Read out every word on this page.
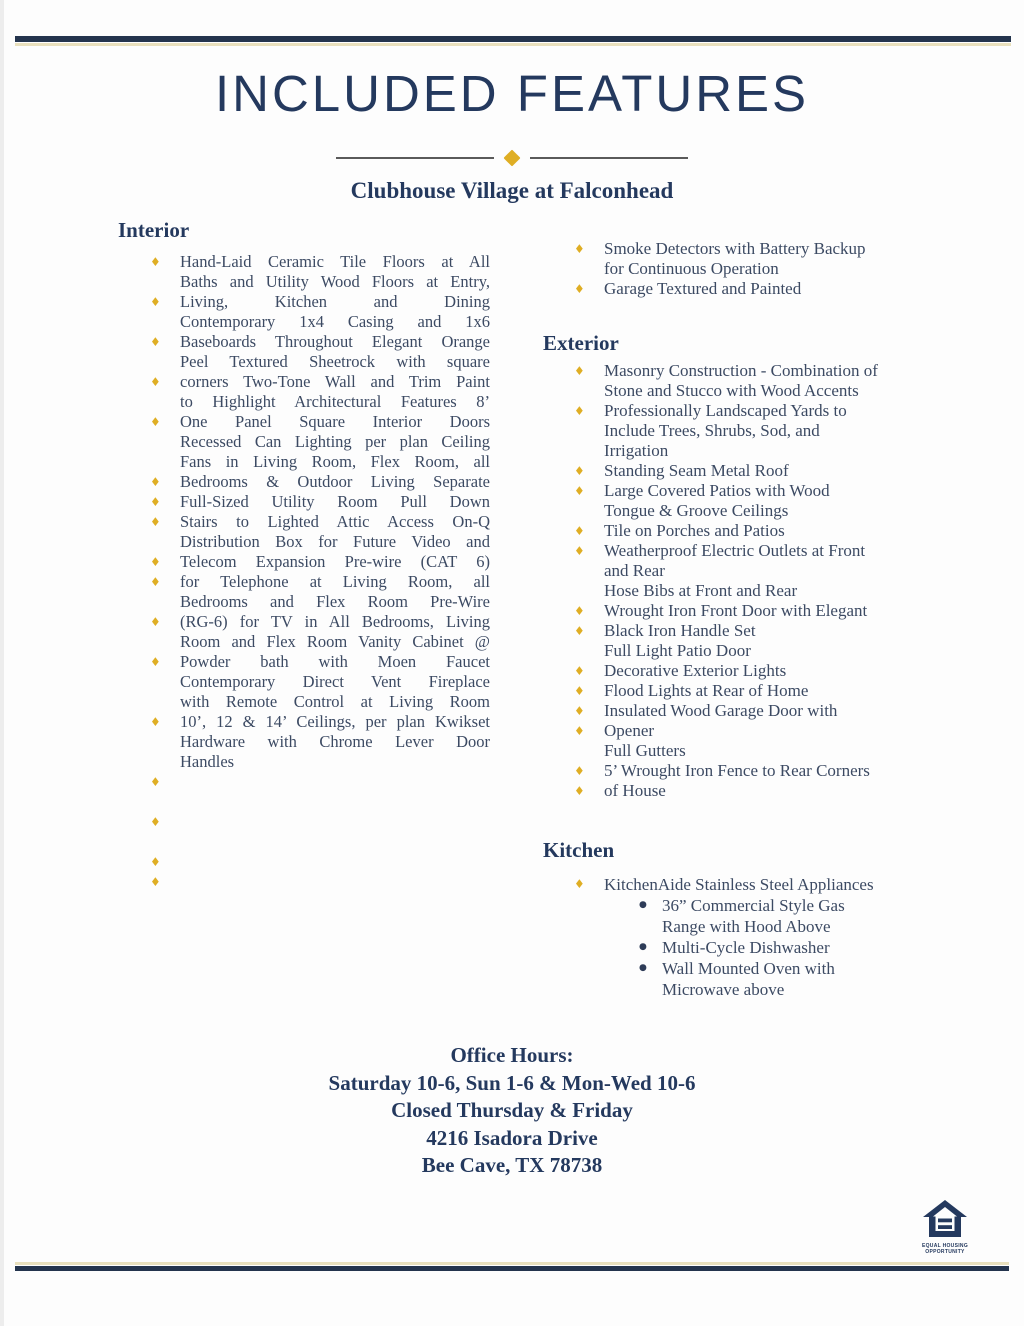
INCLUDED FEATURES
Clubhouse Village at Falconhead
Interior
♦	Hand-Laid Ceramic Tile Floors at All
Baths and Utility Wood Floors at Entry,
♦	Living, Kitchen and Dining
Contemporary 1x4 Casing and 1x6
♦	Baseboards Throughout Elegant Orange
Peel Textured Sheetrock with square
♦	corners Two-Tone Wall and Trim Paint
to Highlight Architectural Features 8’
♦	One Panel Square Interior Doors
Recessed Can Lighting per plan Ceiling
Fans in Living Room, Flex Room, all
♦	Bedrooms & Outdoor Living Separate
♦	Full-Sized Utility Room Pull Down
♦	Stairs to Lighted Attic Access On-Q
Distribution Box for Future Video and
♦	Telecom Expansion Pre-wire (CAT 6)
♦	for Telephone at Living Room, all
Bedrooms and Flex Room Pre-Wire
♦	(RG-6) for TV in All Bedrooms, Living
Room and Flex Room Vanity Cabinet @
♦	Powder bath with Moen Faucet
Contemporary Direct Vent Fireplace
with Remote Control at Living Room
♦	10’, 12 & 14’ Ceilings, per plan Kwikset
Hardware with Chrome Lever Door
Handles
♦

♦

♦

♦

♦	Smoke Detectors with Battery Backup
for Continuous Operation
♦	Garage Textured and Painted
Exterior
♦	Masonry Construction - Combination of
Stone and Stucco with Wood Accents
♦	Professionally Landscaped Yards to
Include Trees, Shrubs, Sod, and
Irrigation
♦	Standing Seam Metal Roof
♦	Large Covered Patios with Wood
Tongue & Groove Ceilings
♦	Tile on Porches and Patios
♦	Weatherproof Electric Outlets at Front
and Rear
Hose Bibs at Front and Rear
♦	Wrought Iron Front Door with Elegant
♦	Black Iron Handle Set
Full Light Patio Door
♦	Decorative Exterior Lights
♦	Flood Lights at Rear of Home
♦	Insulated Wood Garage Door with
♦	Opener
Full Gutters
♦	5’ Wrought Iron Fence to Rear Corners
♦	of House
Kitchen
♦	KitchenAide Stainless Steel Appliances
● 36” Commercial Style Gas
Range with Hood Above
● Multi-Cycle Dishwasher
● Wall Mounted Oven with
Microwave above
Office Hours:
Saturday 10-6, Sun 1-6 & Mon-Wed 10-6
Closed Thursday & Friday
4216 Isadora Drive
Bee Cave, TX 78738
EQUAL HOUSING
OPPORTUNITY
